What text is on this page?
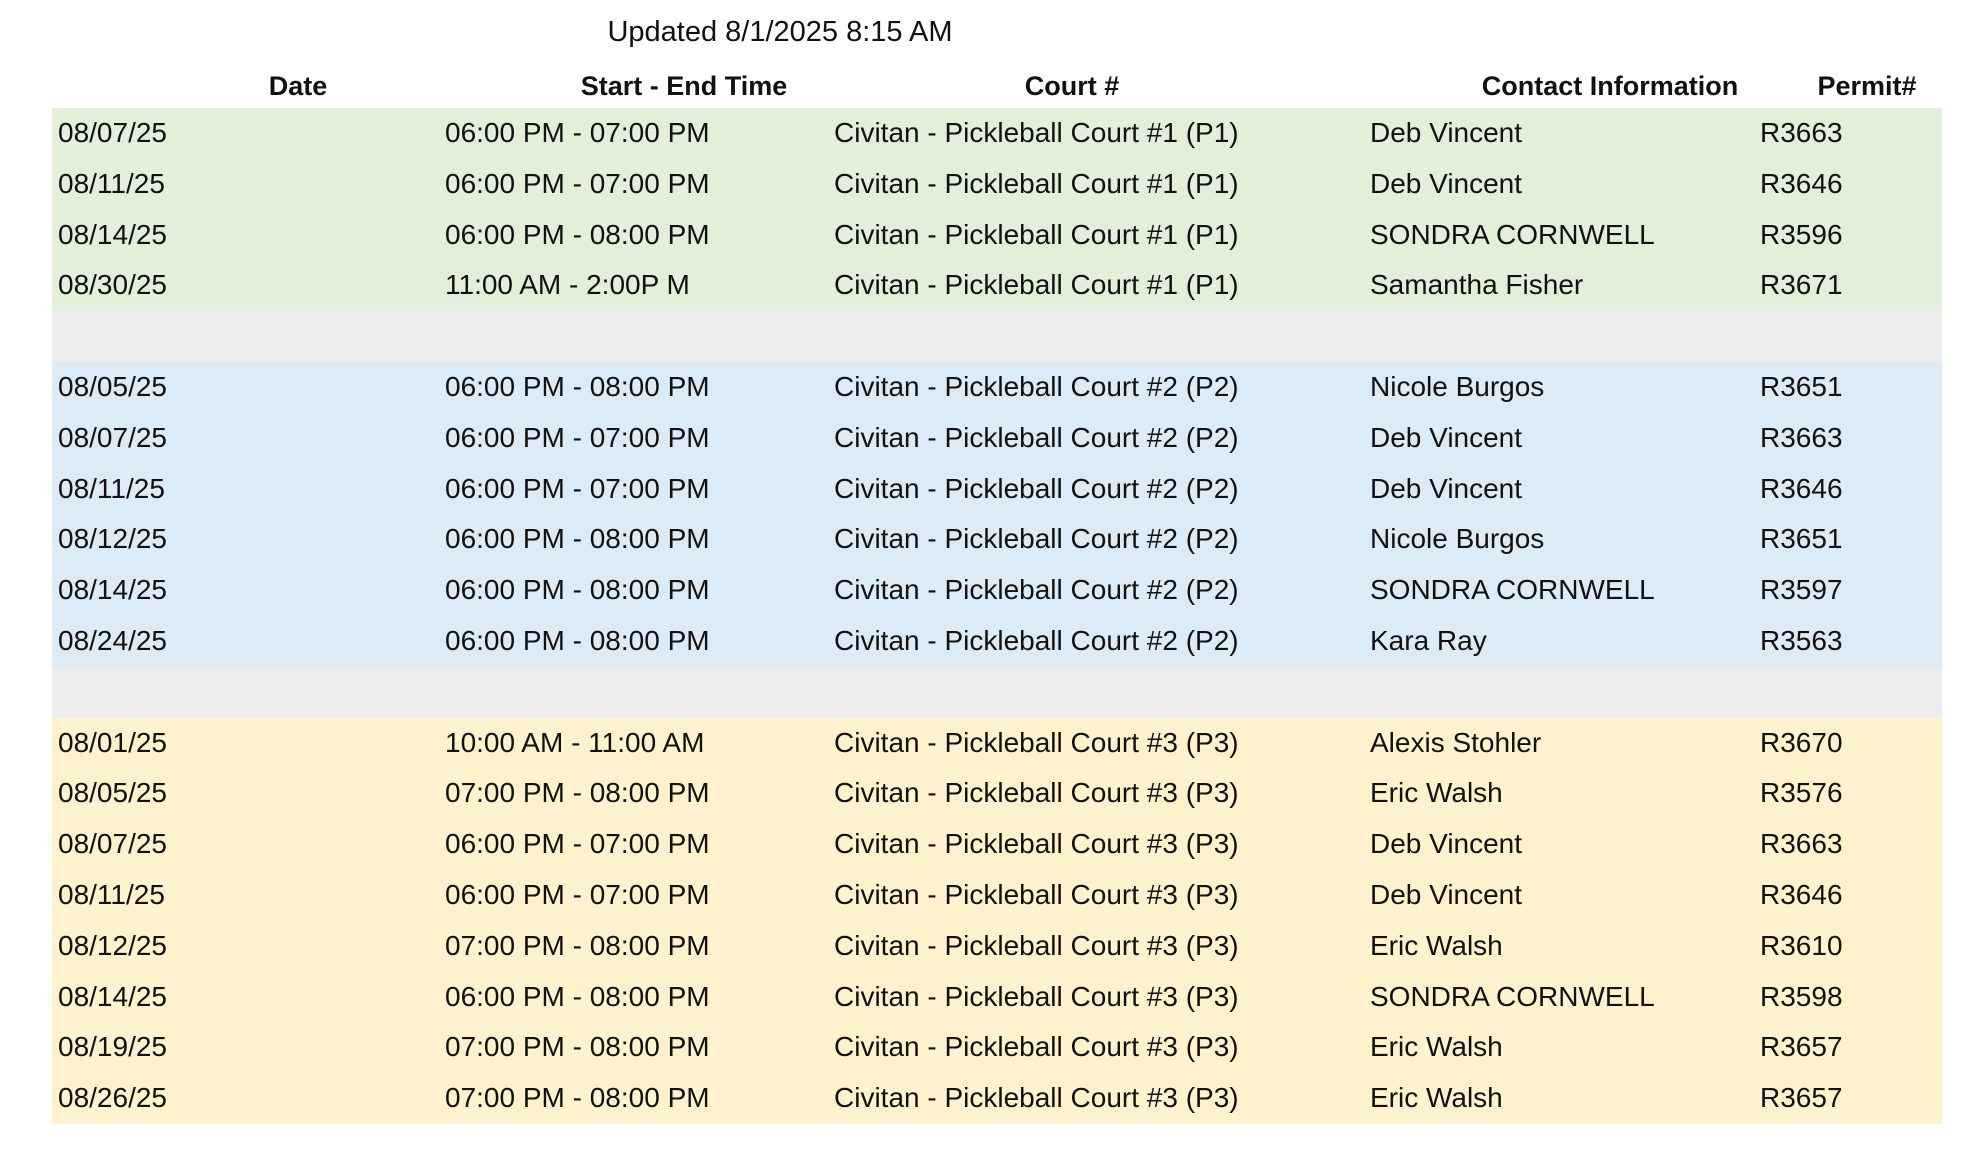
Updated 8/1/2025 8:15 AM
Date	Start - End Time	Court #	Contact Information	Permit#
08/07/25	06:00 PM - 07:00 PM	Civitan - Pickleball Court #1 (P1)	Deb Vincent	R3663
08/11/25	06:00 PM - 07:00 PM	Civitan - Pickleball Court #1 (P1)	Deb Vincent	R3646
08/14/25	06:00 PM - 08:00 PM	Civitan - Pickleball Court #1 (P1)	SONDRA CORNWELL	R3596
08/30/25	11:00 AM - 2:00P M	Civitan - Pickleball Court #1 (P1)	Samantha Fisher	R3671
08/05/25	06:00 PM - 08:00 PM	Civitan - Pickleball Court #2 (P2)	Nicole Burgos	R3651
08/07/25	06:00 PM - 07:00 PM	Civitan - Pickleball Court #2 (P2)	Deb Vincent	R3663
08/11/25	06:00 PM - 07:00 PM	Civitan - Pickleball Court #2 (P2)	Deb Vincent	R3646
08/12/25	06:00 PM - 08:00 PM	Civitan - Pickleball Court #2 (P2)	Nicole Burgos	R3651
08/14/25	06:00 PM - 08:00 PM	Civitan - Pickleball Court #2 (P2)	SONDRA CORNWELL	R3597
08/24/25	06:00 PM - 08:00 PM	Civitan - Pickleball Court #2 (P2)	Kara Ray	R3563
08/01/25	10:00 AM - 11:00 AM	Civitan - Pickleball Court #3 (P3)	Alexis Stohler	R3670
08/05/25	07:00 PM - 08:00 PM	Civitan - Pickleball Court #3 (P3)	Eric Walsh	R3576
08/07/25	06:00 PM - 07:00 PM	Civitan - Pickleball Court #3 (P3)	Deb Vincent	R3663
08/11/25	06:00 PM - 07:00 PM	Civitan - Pickleball Court #3 (P3)	Deb Vincent	R3646
08/12/25	07:00 PM - 08:00 PM	Civitan - Pickleball Court #3 (P3)	Eric Walsh	R3610
08/14/25	06:00 PM - 08:00 PM	Civitan - Pickleball Court #3 (P3)	SONDRA CORNWELL	R3598
08/19/25	07:00 PM - 08:00 PM	Civitan - Pickleball Court #3 (P3)	Eric Walsh	R3657
08/26/25	07:00 PM - 08:00 PM	Civitan - Pickleball Court #3 (P3)	Eric Walsh	R3657
